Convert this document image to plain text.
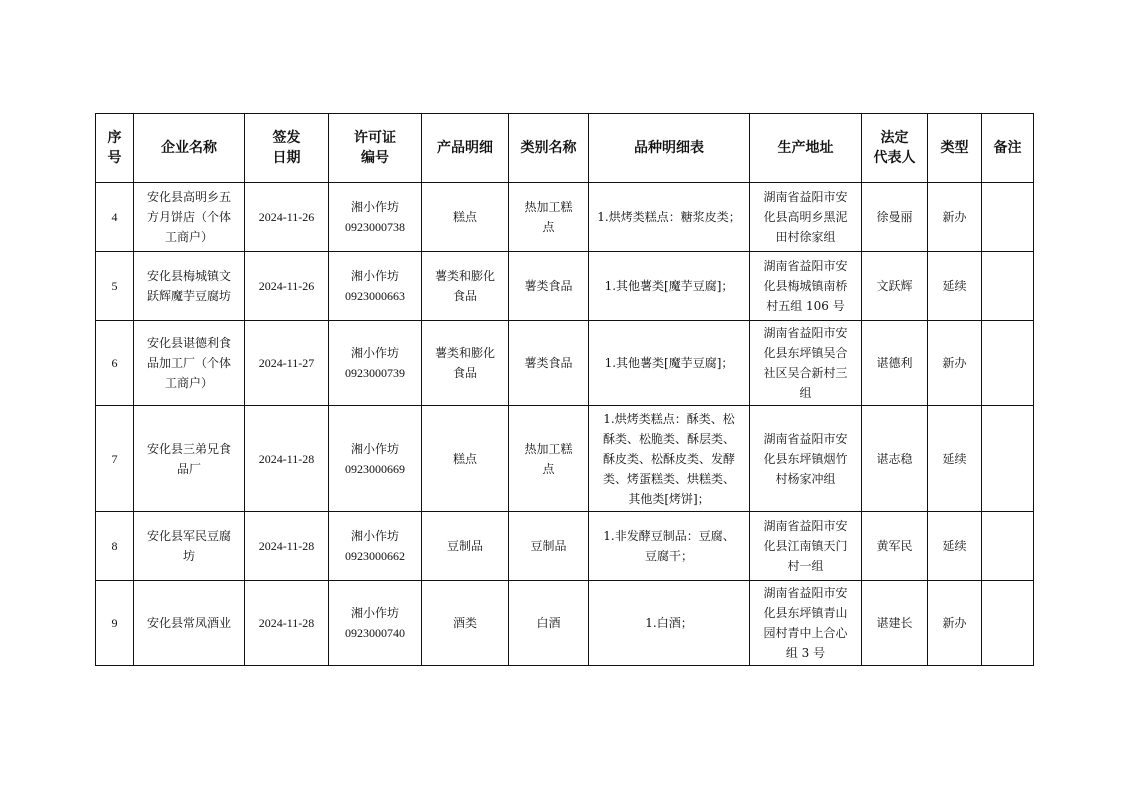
序
号	企业名称	签发
日期	许可证
编号	产品明细	类别名称	品种明细表	生产地址	法定
代表人	类型	备注
4	安化县高明乡五
方月饼店（个体
工商户）	2024-11-26	湘小作坊
0923000738	糕点	热加工糕
点	1.烘烤类糕点：糖浆皮类；	湖南省益阳市安
化县高明乡黑泥
田村徐家组	徐曼丽	新办	
5	安化县梅城镇文
跃辉魔芋豆腐坊	2024-11-26	湘小作坊
0923000663	薯类和膨化
食品	薯类食品	1.其他薯类[魔芋豆腐]；	湖南省益阳市安
化县梅城镇南桥
村五组 106 号	文跃辉	延续	
6	安化县谌德利食
品加工厂（个体
工商户）	2024-11-27	湘小作坊
0923000739	薯类和膨化
食品	薯类食品	1.其他薯类[魔芋豆腐]；	湖南省益阳市安
化县东坪镇吴合
社区吴合新村三
组	谌德利	新办	
7	安化县三弟兄食
品厂	2024-11-28	湘小作坊
0923000669	糕点	热加工糕
点	1.烘烤类糕点：酥类、松
酥类、松脆类、酥层类、
酥皮类、松酥皮类、发酵
类、烤蛋糕类、烘糕类、
其他类[烤饼]；	湖南省益阳市安
化县东坪镇烟竹
村杨家冲组	谌志稳	延续	
8	安化县军民豆腐
坊	2024-11-28	湘小作坊
0923000662	豆制品	豆制品	1.非发酵豆制品：豆腐、
豆腐干；	湖南省益阳市安
化县江南镇天门
村一组	黄军民	延续	
9	安化县常凤酒业	2024-11-28	湘小作坊
0923000740	酒类	白酒	1.白酒；	湖南省益阳市安
化县东坪镇青山
园村青中上合心
组 3 号	谌建长	新办	
